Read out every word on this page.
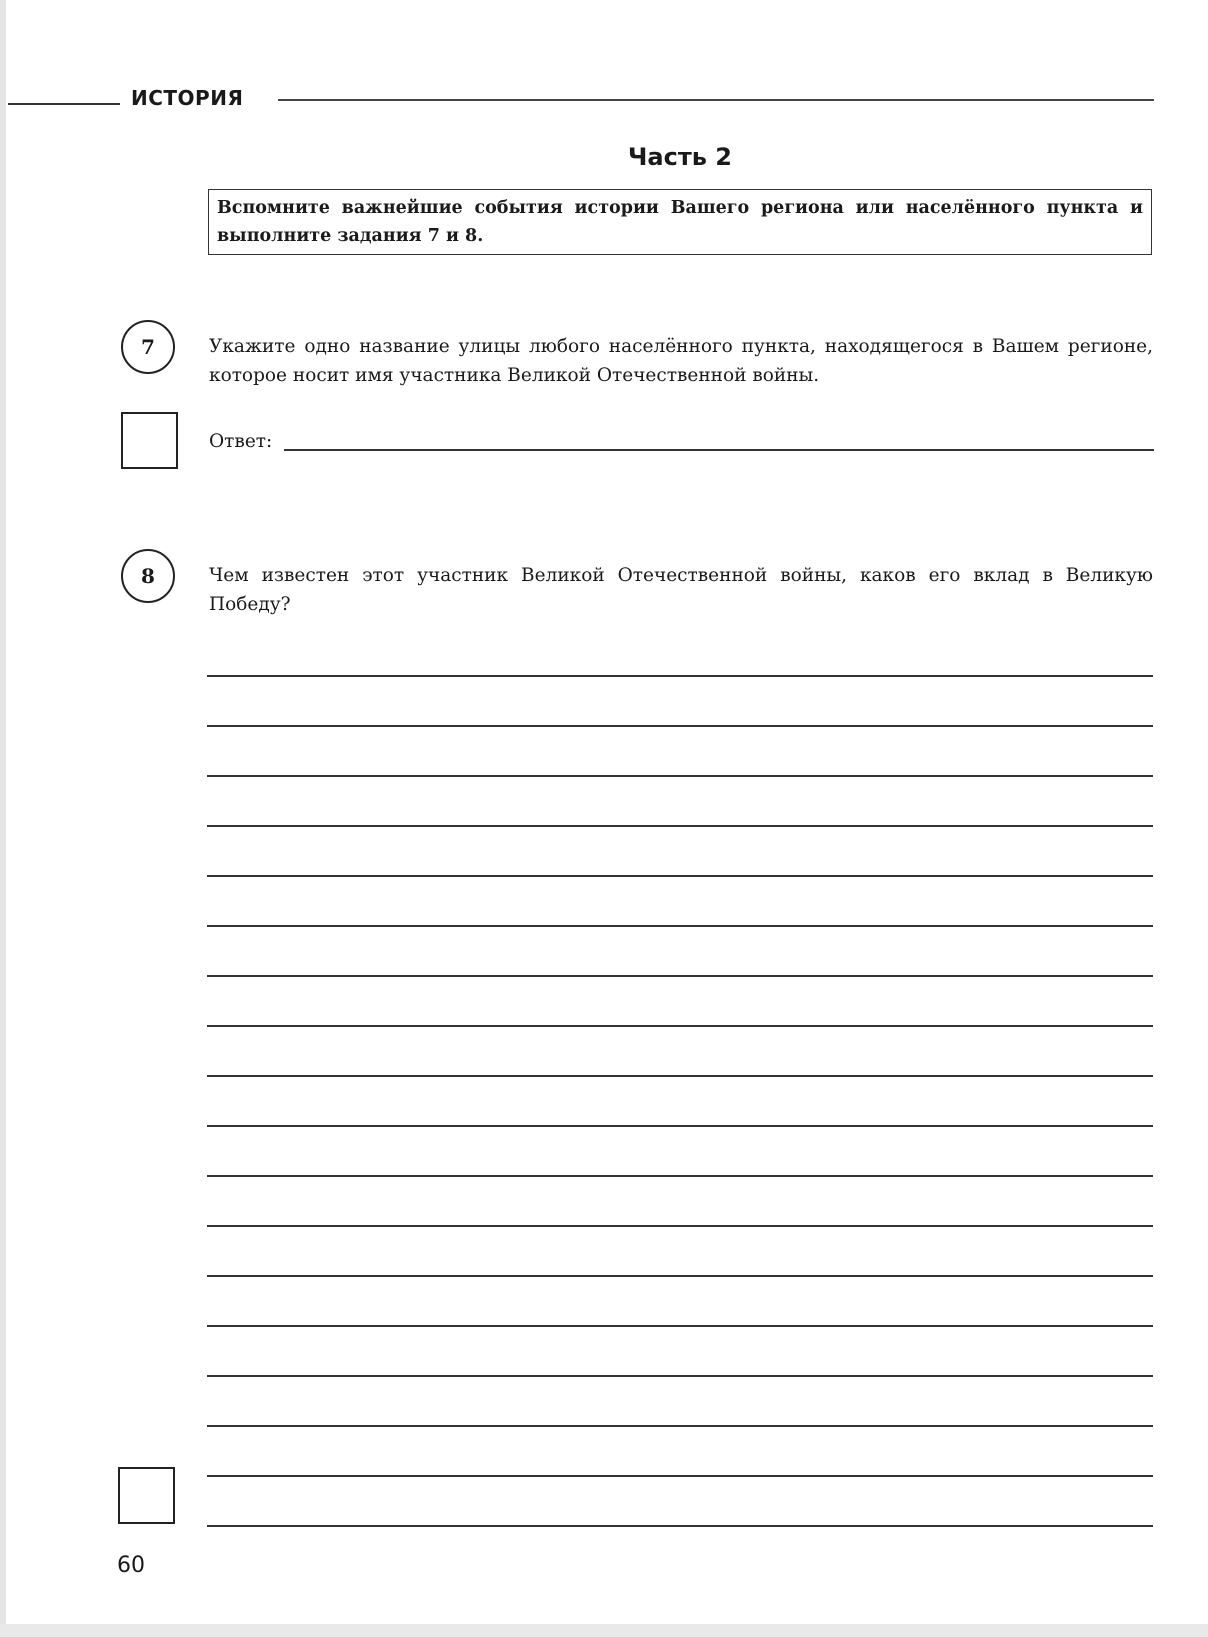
ИСТОРИЯ
Часть 2
Вспомните важнейшие события истории Вашего региона или населённого пункта и выполните задания 7 и 8.
7	Укажите одно название улицы любого населённого пункта, находящегося в Вашем регионе, которое носит имя участника Великой Отечественной войны.
Ответ:
8	Чем известен этот участник Великой Отечественной войны, каков его вклад в Великую Победу?
60
